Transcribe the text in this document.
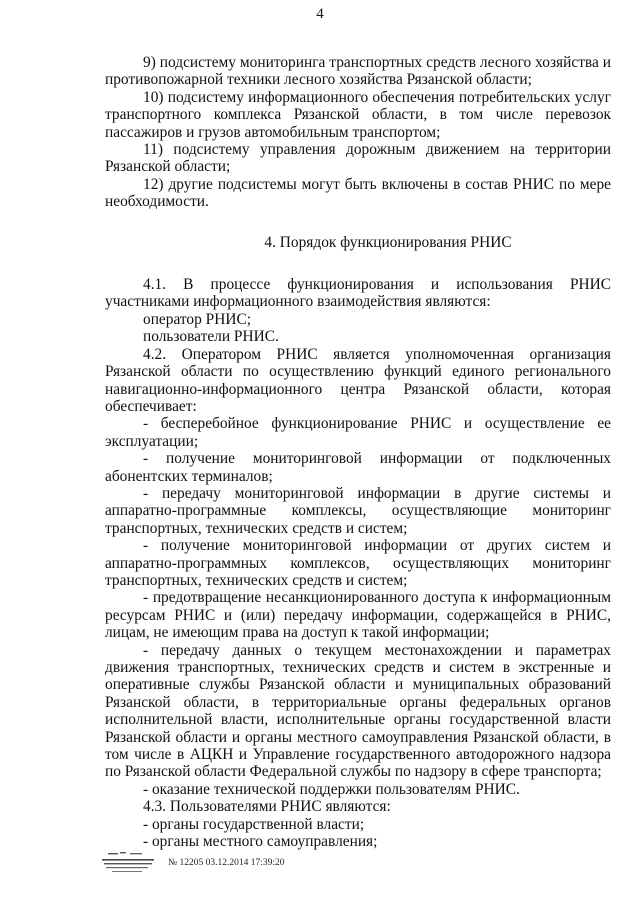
4

9) подсистему мониторинга транспортных средств лесного хозяйства и

противопожарной техники лесного хозяйства Рязанской области;

10) подсистему информационного обеспечения потребительских услуг

транспортного комплекса Рязанской области, в том числе перевозок

пассажиров и грузов автомобильным транспортом;

11) подсистему управления дорожным движением на территории

Рязанской области;

12) другие подсистемы могут быть включены в состав РНИС по мере

необходимости.

4. Порядок функционирования РНИС

4.1. В процессе функционирования и использования РНИС

участниками информационного взаимодействия являются:

оператор РНИС;

пользователи РНИС.

4.2. Оператором РНИС является уполномоченная организация

Рязанской области по осуществлению функций единого регионального

навигационно-информационного центра Рязанской области, которая

обеспечивает:

- бесперебойное функционирование РНИС и осуществление ее

эксплуатации;

- получение мониторинговой информации от подключенных

абонентских терминалов;

- передачу мониторинговой информации в другие системы и

аппаратно-программные комплексы, осуществляющие мониторинг

транспортных, технических средств и систем;

- получение мониторинговой информации от других систем и

аппаратно-программных комплексов, осуществляющих мониторинг

транспортных, технических средств и систем;

- предотвращение несанкционированного доступа к информационным

ресурсам РНИС и (или) передачу информации, содержащейся в РНИС,

лицам, не имеющим права на доступ к такой информации;

- передачу данных о текущем местонахождении и параметрах

движения транспортных, технических средств и систем в экстренные и

оперативные службы Рязанской области и муниципальных образований

Рязанской области, в территориальные органы федеральных органов

исполнительной власти, исполнительные органы государственной власти

Рязанской области и органы местного самоуправления Рязанской области, в

том числе в АЦКН и Управление государственного автодорожного надзора

по Рязанской области Федеральной службы по надзору в сфере транспорта;

- оказание технической поддержки пользователям РНИС.

4.3. Пользователями РНИС являются:

- органы государственной власти;

- органы местного самоуправления;

№ 12205 03.12.2014 17:39:20
